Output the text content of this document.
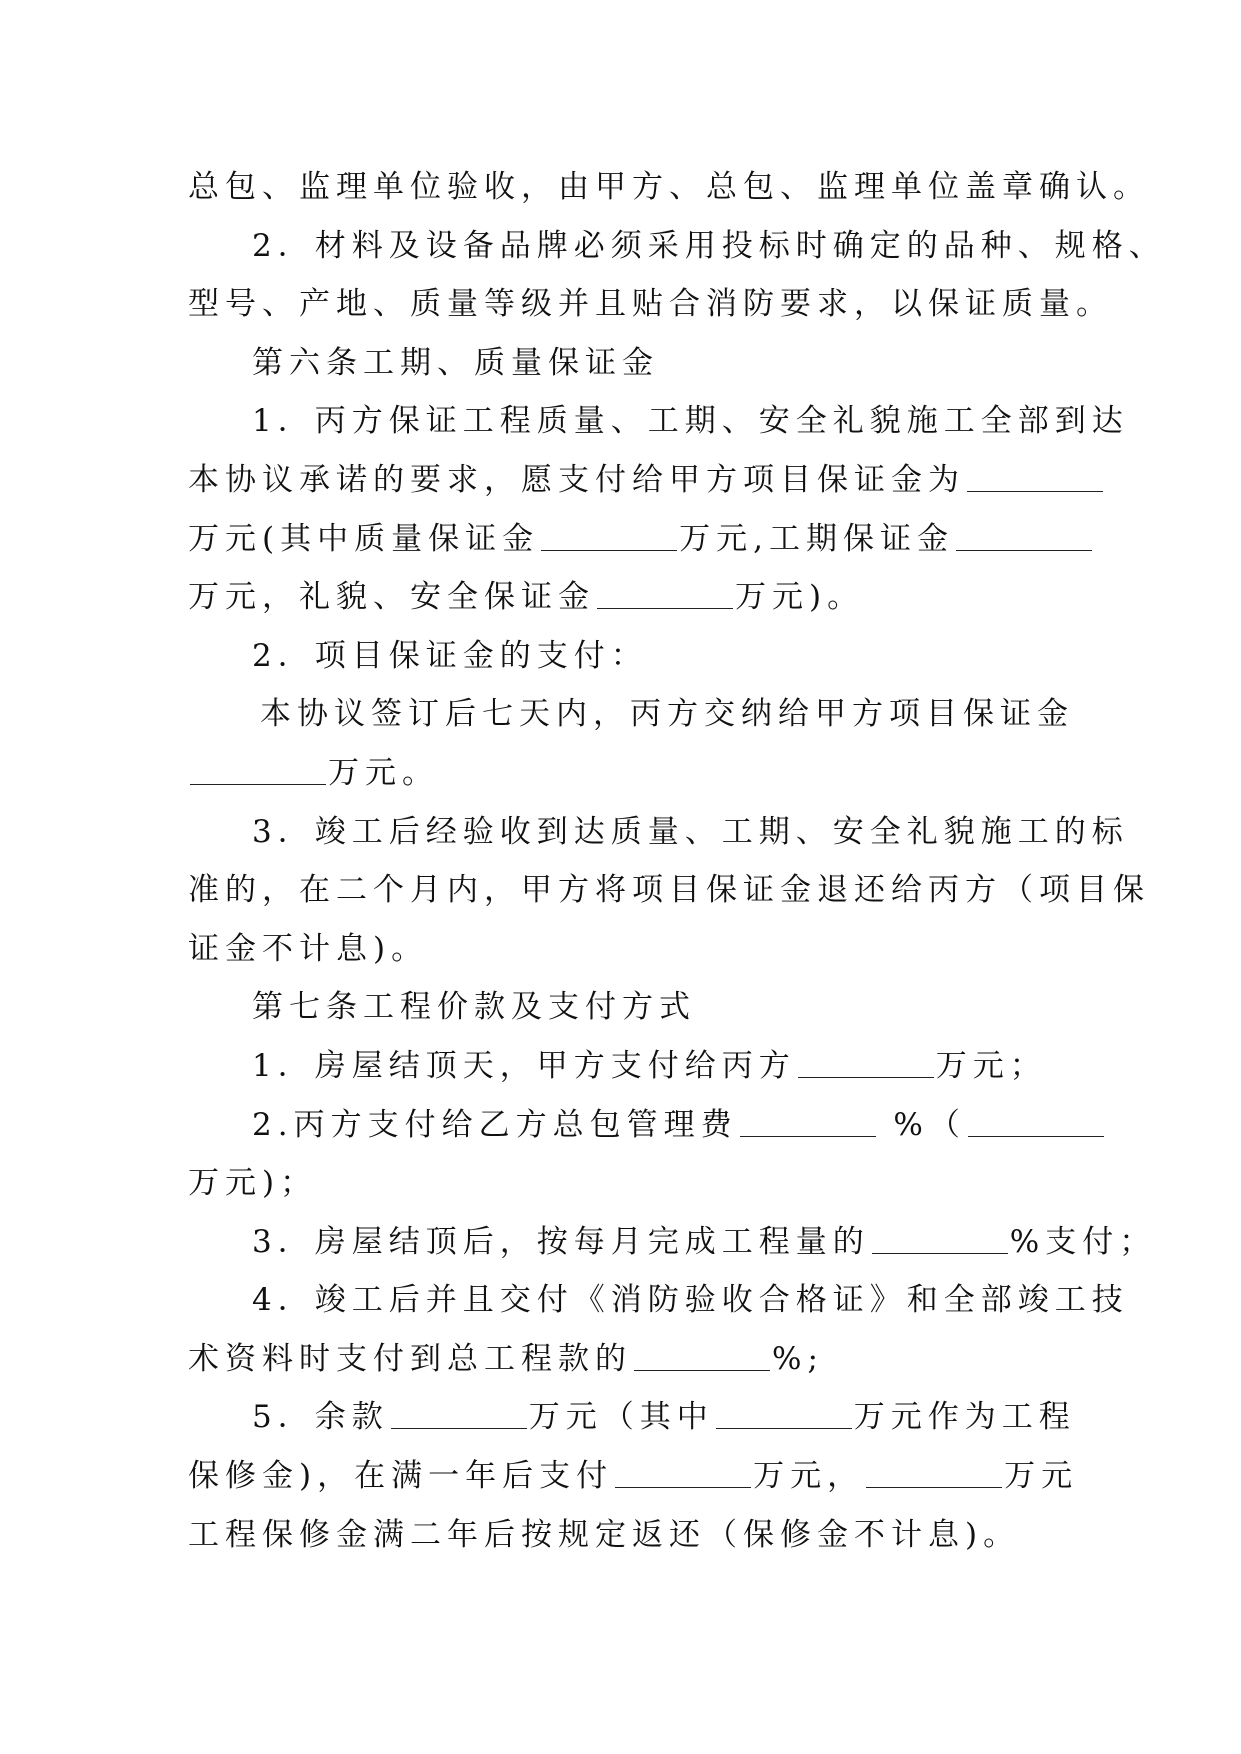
总包、监理单位验收，由甲方、总包、监理单位盖章确认。
2．材料及设备品牌必须采用投标时确定的品种、规格、
型号、产地、质量等级并且贴合消防要求，以保证质量。
第六条工期、质量保证金
1．丙方保证工程质量、工期、安全礼貌施工全部到达
本协议承诺的要求，愿支付给甲方项目保证金为
万元(其中质量保证金	万元,工期保证金
万元，礼貌、安全保证金	万元)。
2．项目保证金的支付：
本协议签订后七天内，丙方交纳给甲方项目保证金
万元。
3．竣工后经验收到达质量、工期、安全礼貌施工的标
准的，在二个月内，甲方将项目保证金退还给丙方（项目保
证金不计息)。
第七条工程价款及支付方式
1．房屋结顶天，甲方支付给丙方	万元；
2.丙方支付给乙方总包管理费	%（
万元)；
3．房屋结顶后，按每月完成工程量的	%支付；
4．竣工后并且交付《消防验收合格证》和全部竣工技
术资料时支付到总工程款的	%;
5．余款	万元（其中	万元作为工程
保修金)，在满一年后支付	万元，	万元
工程保修金满二年后按规定返还（保修金不计息)。
